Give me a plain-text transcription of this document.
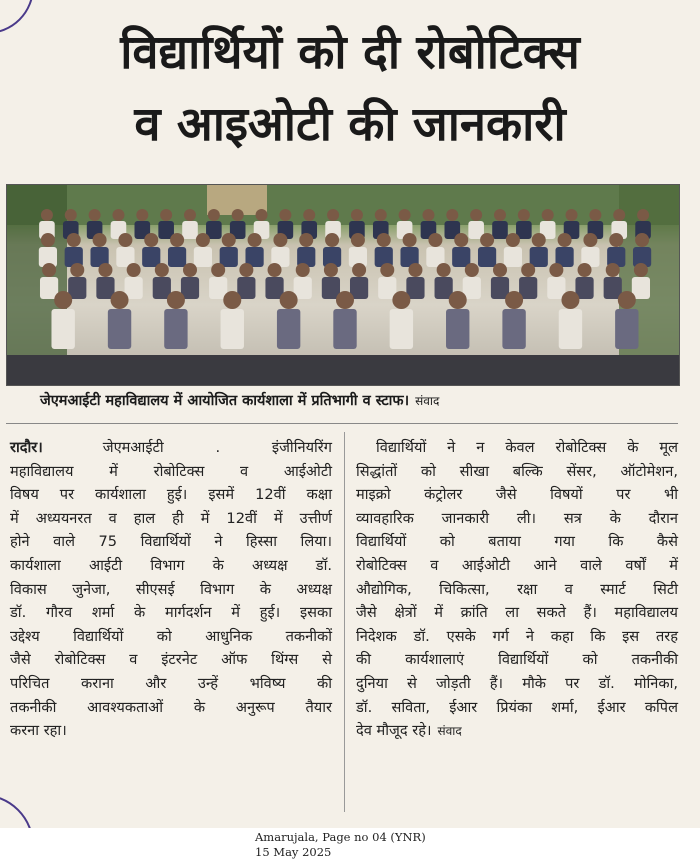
विद्यार्थियों को दी रोबोटिक्स
व आइओटी की जानकारी
जेएमआईटी महाविद्यालय में आयोजित कार्यशाला में प्रतिभागी व स्टाफ। संवाद
रादौर।	जेएमआईटी . इंजीनियरिंग
महाविद्यालय में रोबोटिक्स व आईओटी
विषय पर कार्यशाला हुई। इसमें 12वीं कक्षा
में अध्ययनरत व हाल ही में 12वीं में उत्तीर्ण
होने वाले 75 विद्यार्थियों ने हिस्सा लिया।
कार्यशाला आईटी विभाग के अध्यक्ष डॉ.
विकास जुनेजा, सीएसई विभाग के अध्यक्ष
डॉ. गौरव शर्मा के मार्गदर्शन में हुई। इसका
उद्देश्य विद्यार्थियों को आधुनिक तकनीकों
जैसे रोबोटिक्स व इंटरनेट ऑफ थिंग्स से
परिचित कराना और उन्हें भविष्य की
तकनीकी आवश्यकताओं के अनुरूप तैयार
करना रहा।
विद्यार्थियों ने न केवल रोबोटिक्स के मूल
सिद्धांतों को सीखा बल्कि सेंसर, ऑटोमेशन,
माइक्रो कंट्रोलर जैसे विषयों पर भी
व्यावहारिक जानकारी ली। सत्र के दौरान
विद्यार्थियों को बताया गया कि कैसे
रोबोटिक्स व आईओटी आने वाले वर्षों में
औद्योगिक, चिकित्सा, रक्षा व स्मार्ट सिटी
जैसे क्षेत्रों में क्रांति ला सकते हैं। महाविद्यालय
निदेशक डॉ. एसके गर्ग ने कहा कि इस तरह
की कार्यशालाएं विद्यार्थियों को तकनीकी
दुनिया से जोड़ती हैं। मौके पर डॉ. मोनिका,
डॉ. सविता, ईआर प्रियंका शर्मा, ईआर कपिल
देव मौजूद रहे। संवाद
Amarujala, Page no 04 (YNR)
15 May 2025
